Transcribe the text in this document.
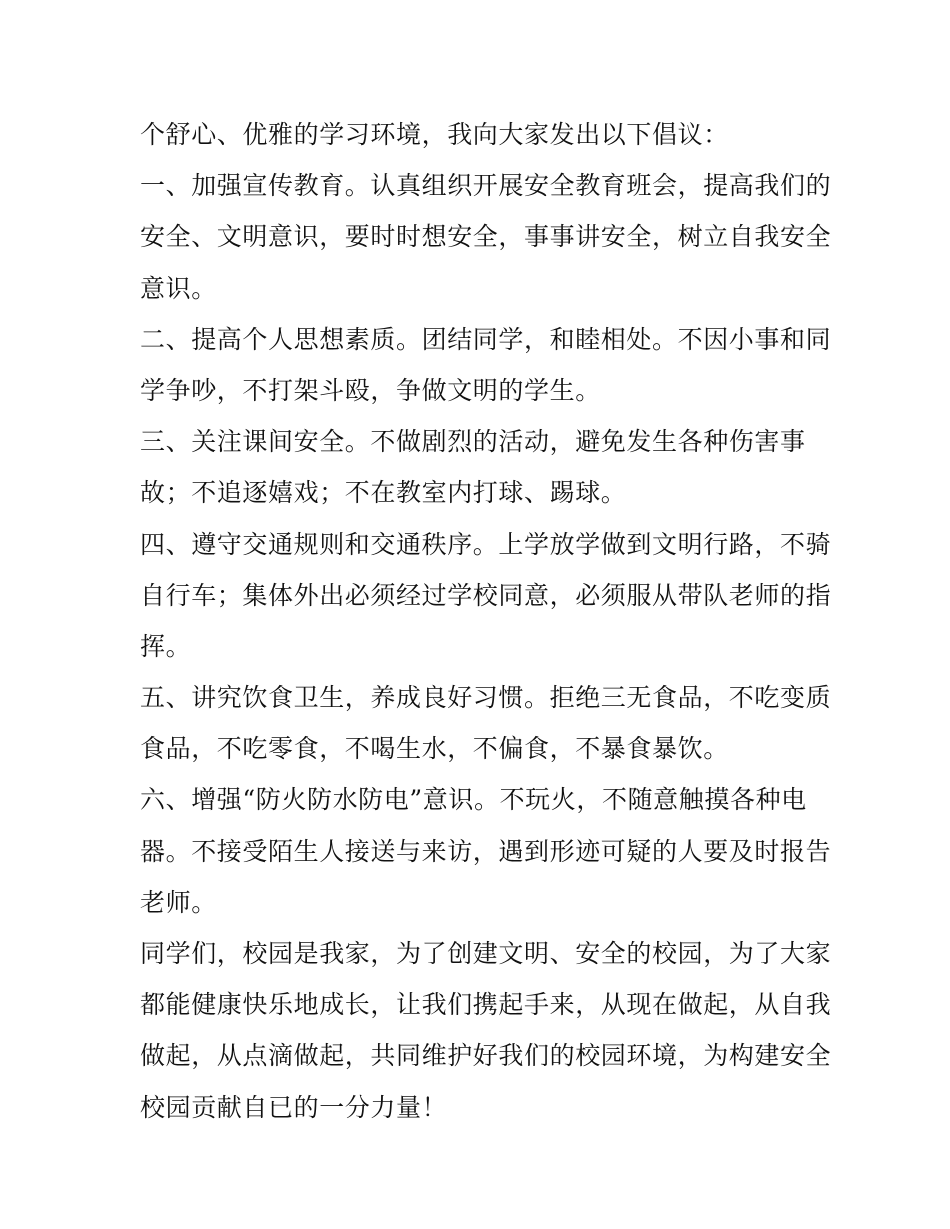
个舒心、优雅的学习环境，我向大家发出以下倡议：
一、加强宣传教育。认真组织开展安全教育班会，提高我们的
安全、文明意识，要时时想安全，事事讲安全，树立自我安全
意识。
二、提高个人思想素质。团结同学，和睦相处。不因小事和同
学争吵，不打架斗殴，争做文明的学生。
三、关注课间安全。不做剧烈的活动，避免发生各种伤害事
故；不追逐嬉戏；不在教室内打球、踢球。
四、遵守交通规则和交通秩序。上学放学做到文明行路，不骑
自行车；集体外出必须经过学校同意，必须服从带队老师的指
挥。
五、讲究饮食卫生，养成良好习惯。拒绝三无食品，不吃变质
食品，不吃零食，不喝生水，不偏食，不暴食暴饮。
六、增强“防火防水防电”意识。不玩火，不随意触摸各种电
器。不接受陌生人接送与来访，遇到形迹可疑的人要及时报告
老师。
同学们，校园是我家，为了创建文明、安全的校园，为了大家
都能健康快乐地成长，让我们携起手来，从现在做起，从自我
做起，从点滴做起，共同维护好我们的校园环境，为构建安全
校园贡献自已的一分力量！
